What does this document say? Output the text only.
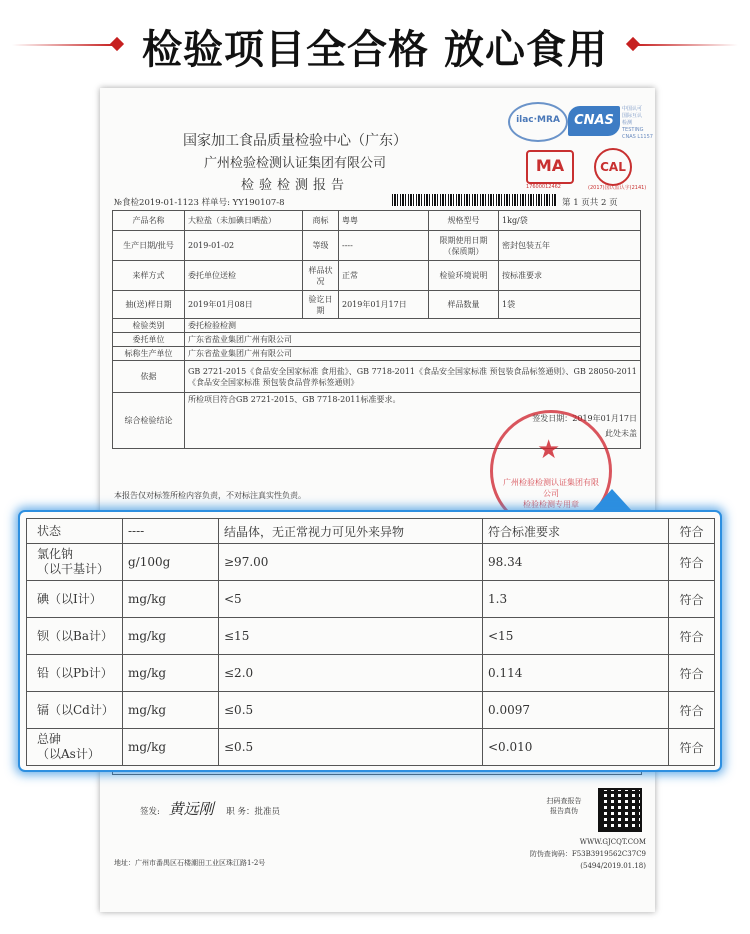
检验项目全合格 放心食用
ilac·MRA	CNAS
中国认可
国际互认
检测
TESTING
CNAS L1157
MA	CAL
17600012462	(2017)国认监认字(2141)
国家加工食品质量检验中心（广东）
广州检验检测认证集团有限公司
检验检测报告
№食检2019-01-1123 样单号: YY190107-8	第 1 页共 2 页
产品名称	大粒盐（未加碘日晒盐）	商标	粤粤	规格型号	1kg/袋
生产日期/批号	2019-01-02	等级	----	限期使用日期（保质期）	密封包装五年
来样方式	委托单位送检	样品状况	正常	检验环境说明	按标准要求
抽(送)样日期	2019年01月08日	验讫日期	2019年01月17日	样品数量	1袋
检验类别	委托检验检测				
委托单位	广东省盐业集团广州有限公司				
标称生产单位	广东省盐业集团广州有限公司				
依据	GB 2721-2015《食品安全国家标准 食用盐》、GB 7718-2011《食品安全国家标准 预包装食品标签通则》、GB 28050-2011《食品安全国家标准 预包装食品营养标签通则》				
综合检验结论	所检项目符合GB 2721-2015、GB 7718-2011标准要求。
签发日期：2019年01月17日
此处未盖				
★
广州检验检测认证集团有限公司
检验检测专用章

本报告仅对标签所检内容负责，不对标注真实性负责。
签发: 黄远刚 职 务：批准员
扫码查报告
报告真伪
WWW.GJCQT.COM
防伪查询码：F53B3919562C37C9
(5494/2019.01.18)
地址：广州市番禺区石楼潮田工业区珠江路1-2号
状态	----	结晶体，无正常视力可见外来异物	符合标准要求	符合
氯化钠
（以干基计）	g/100g	≥97.00	98.34	符合
碘（以I计）	mg/kg	<5	1.3	符合
钡（以Ba计）	mg/kg	≤15	<15	符合
铅（以Pb计）	mg/kg	≤2.0	0.114	符合
镉（以Cd计）	mg/kg	≤0.5	0.0097	符合
总砷
（以As计）	mg/kg	≤0.5	<0.010	符合
